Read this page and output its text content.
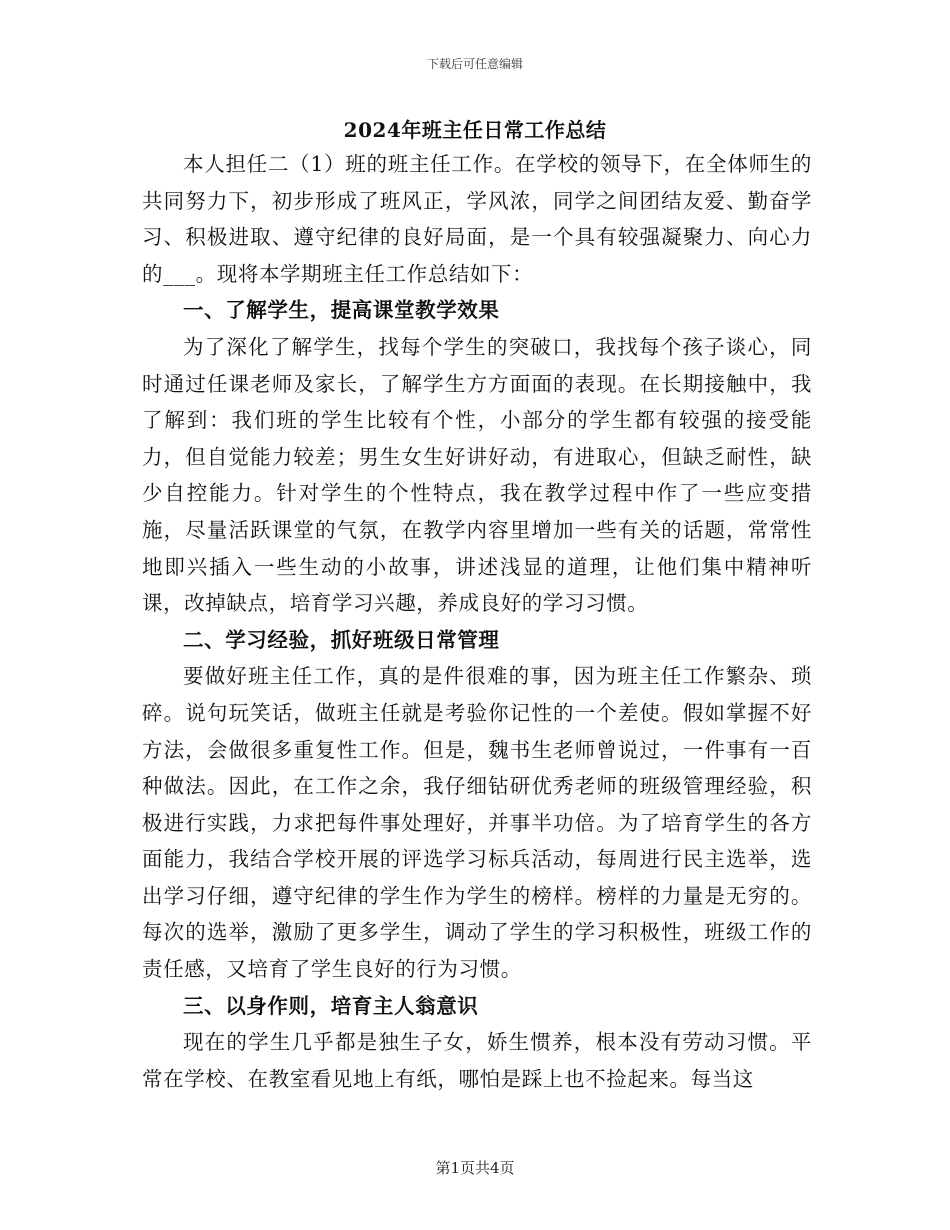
下载后可任意编辑
2024年班主任日常工作总结

本人担任二（1）班的班主任工作。在学校的领导下，在全体师生的共同努力下，初步形成了班风正，学风浓，同学之间团结友爱、勤奋学习、积极进取、遵守纪律的良好局面，是一个具有较强凝聚力、向心力的___。现将本学期班主任工作总结如下：

一、了解学生，提高课堂教学效果

为了深化了解学生，找每个学生的突破口，我找每个孩子谈心，同时通过任课老师及家长，了解学生方方面面的表现。在长期接触中，我了解到：我们班的学生比较有个性，小部分的学生都有较强的接受能力，但自觉能力较差；男生女生好讲好动，有进取心，但缺乏耐性，缺少自控能力。针对学生的个性特点，我在教学过程中作了一些应变措施，尽量活跃课堂的气氛，在教学内容里增加一些有关的话题，常常性地即兴插入一些生动的小故事，讲述浅显的道理，让他们集中精神听课，改掉缺点，培育学习兴趣，养成良好的学习习惯。

二、学习经验，抓好班级日常管理

要做好班主任工作，真的是件很难的事，因为班主任工作繁杂、琐碎。说句玩笑话，做班主任就是考验你记性的一个差使。假如掌握不好方法，会做很多重复性工作。但是，魏书生老师曾说过，一件事有一百种做法。因此，在工作之余，我仔细钻研优秀老师的班级管理经验，积极进行实践，力求把每件事处理好，并事半功倍。为了培育学生的各方面能力，我结合学校开展的评选学习标兵活动，每周进行民主选举，选出学习仔细，遵守纪律的学生作为学生的榜样。榜样的力量是无穷的。每次的选举，激励了更多学生，调动了学生的学习积极性，班级工作的责任感，又培育了学生良好的行为习惯。

三、以身作则，培育主人翁意识

现在的学生几乎都是独生子女，娇生惯养，根本没有劳动习惯。平常在学校、在教室看见地上有纸，哪怕是踩上也不捡起来。每当这

第1页共4页
